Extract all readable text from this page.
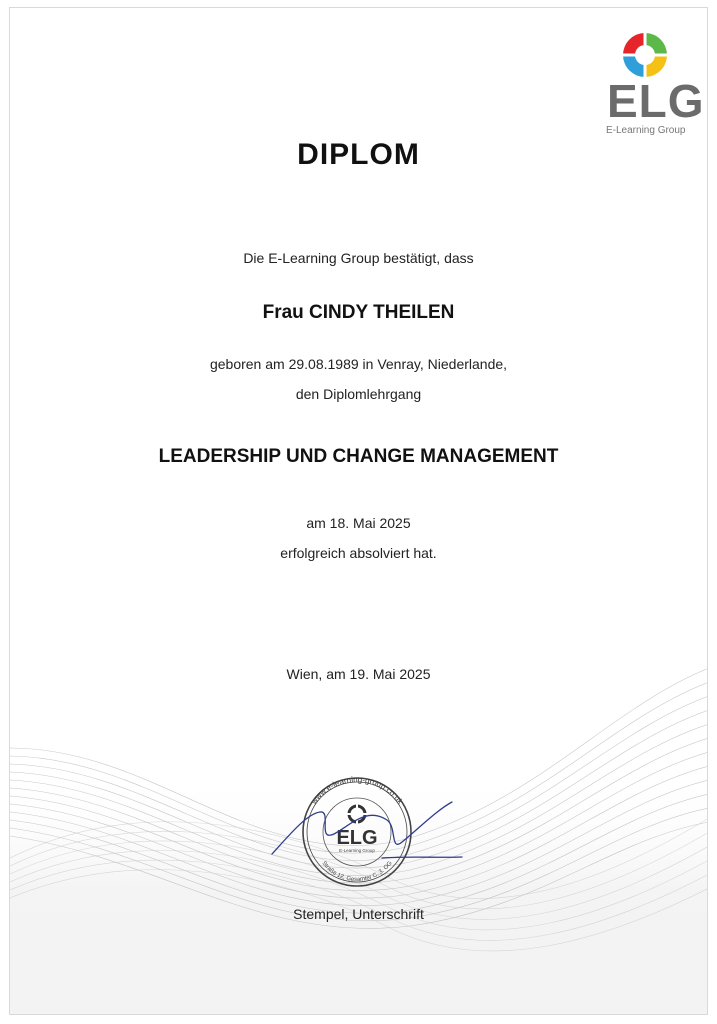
ELG
E-Learning Group
DIPLOM
Die E-Learning Group bestätigt, dass
Frau CINDY THEILEN
geboren am 29.08.1989 in Venray, Niederlande,
den Diplomlehrgang
LEADERSHIP UND CHANGE MANAGEMENT
am 18. Mai 2025
erfolgreich absolviert hat.
Wien, am 19. Mai 2025
www.e-learning-group.co.uk
Straße 12, Gesamter C. 3. OG
ELG
E-Learning Group
Stempel, Unterschrift
